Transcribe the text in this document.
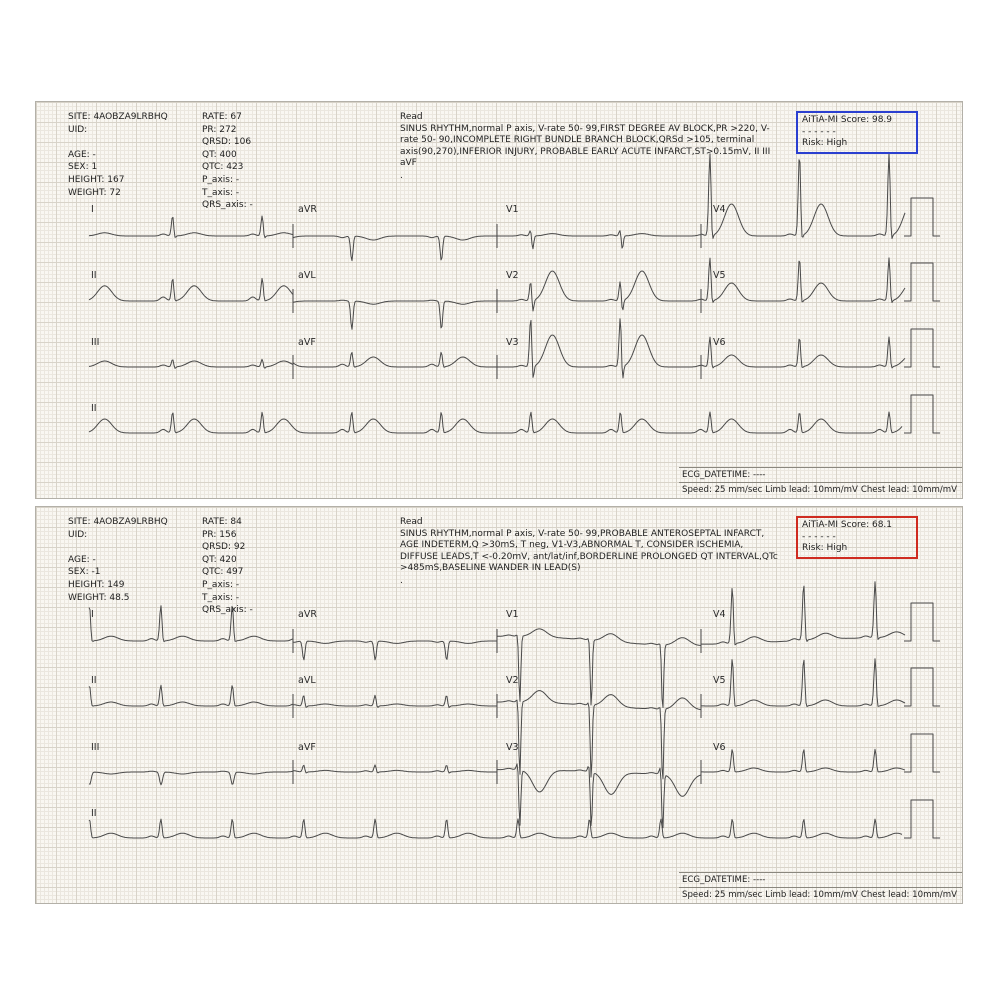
SITE: 4AOBZA9LRBHQ
UID:
AGE: -
SEX: 1
HEIGHT: 167
WEIGHT: 72
RATE: 67
PR: 272
QRSD: 106
QT: 400
QTC: 423
P_axis: -
T_axis: -
QRS_axis: -
Read
SINUS RHYTHM,normal P axis, V-rate 50- 99,FIRST DEGREE AV BLOCK,PR >220, V-rate 50- 90,INCOMPLETE RIGHT BUNDLE BRANCH BLOCK,QRSd >105, terminal axis(90,270),INFERIOR INJURY, PROBABLE EARLY ACUTE INFARCT,ST>0.15mV, II III aVF
.
AiTiA-MI Score: 98.9
- - - - - -
Risk: High
ECG_DATETIME: ----
Speed: 25 mm/sec Limb lead: 10mm/mV Chest lead: 10mm/mV
I	aVR	V1	V4
II	aVL	V2	V5
III	aVF	V3	V6
II
SITE: 4AOBZA9LRBHQ
UID:
AGE: -
SEX: -1
HEIGHT: 149
WEIGHT: 48.5
RATE: 84
PR: 156
QRSD: 92
QT: 420
QTC: 497
P_axis: -
T_axis: -
QRS_axis: -
Read
SINUS RHYTHM,normal P axis, V-rate 50- 99,PROBABLE ANTEROSEPTAL INFARCT, AGE INDETERM,Q >30mS, T neg, V1-V3,ABNORMAL T, CONSIDER ISCHEMIA, DIFFUSE LEADS,T <-0.20mV, ant/lat/inf,BORDERLINE PROLONGED QT INTERVAL,QTc >485mS,BASELINE WANDER IN LEAD(S)
.
AiTiA-MI Score: 68.1
- - - - - -
Risk: High
ECG_DATETIME: ----
Speed: 25 mm/sec Limb lead: 10mm/mV Chest lead: 10mm/mV
I	aVR	V1	V4
II	aVL	V2	V5
III	aVF	V3	V6
II
